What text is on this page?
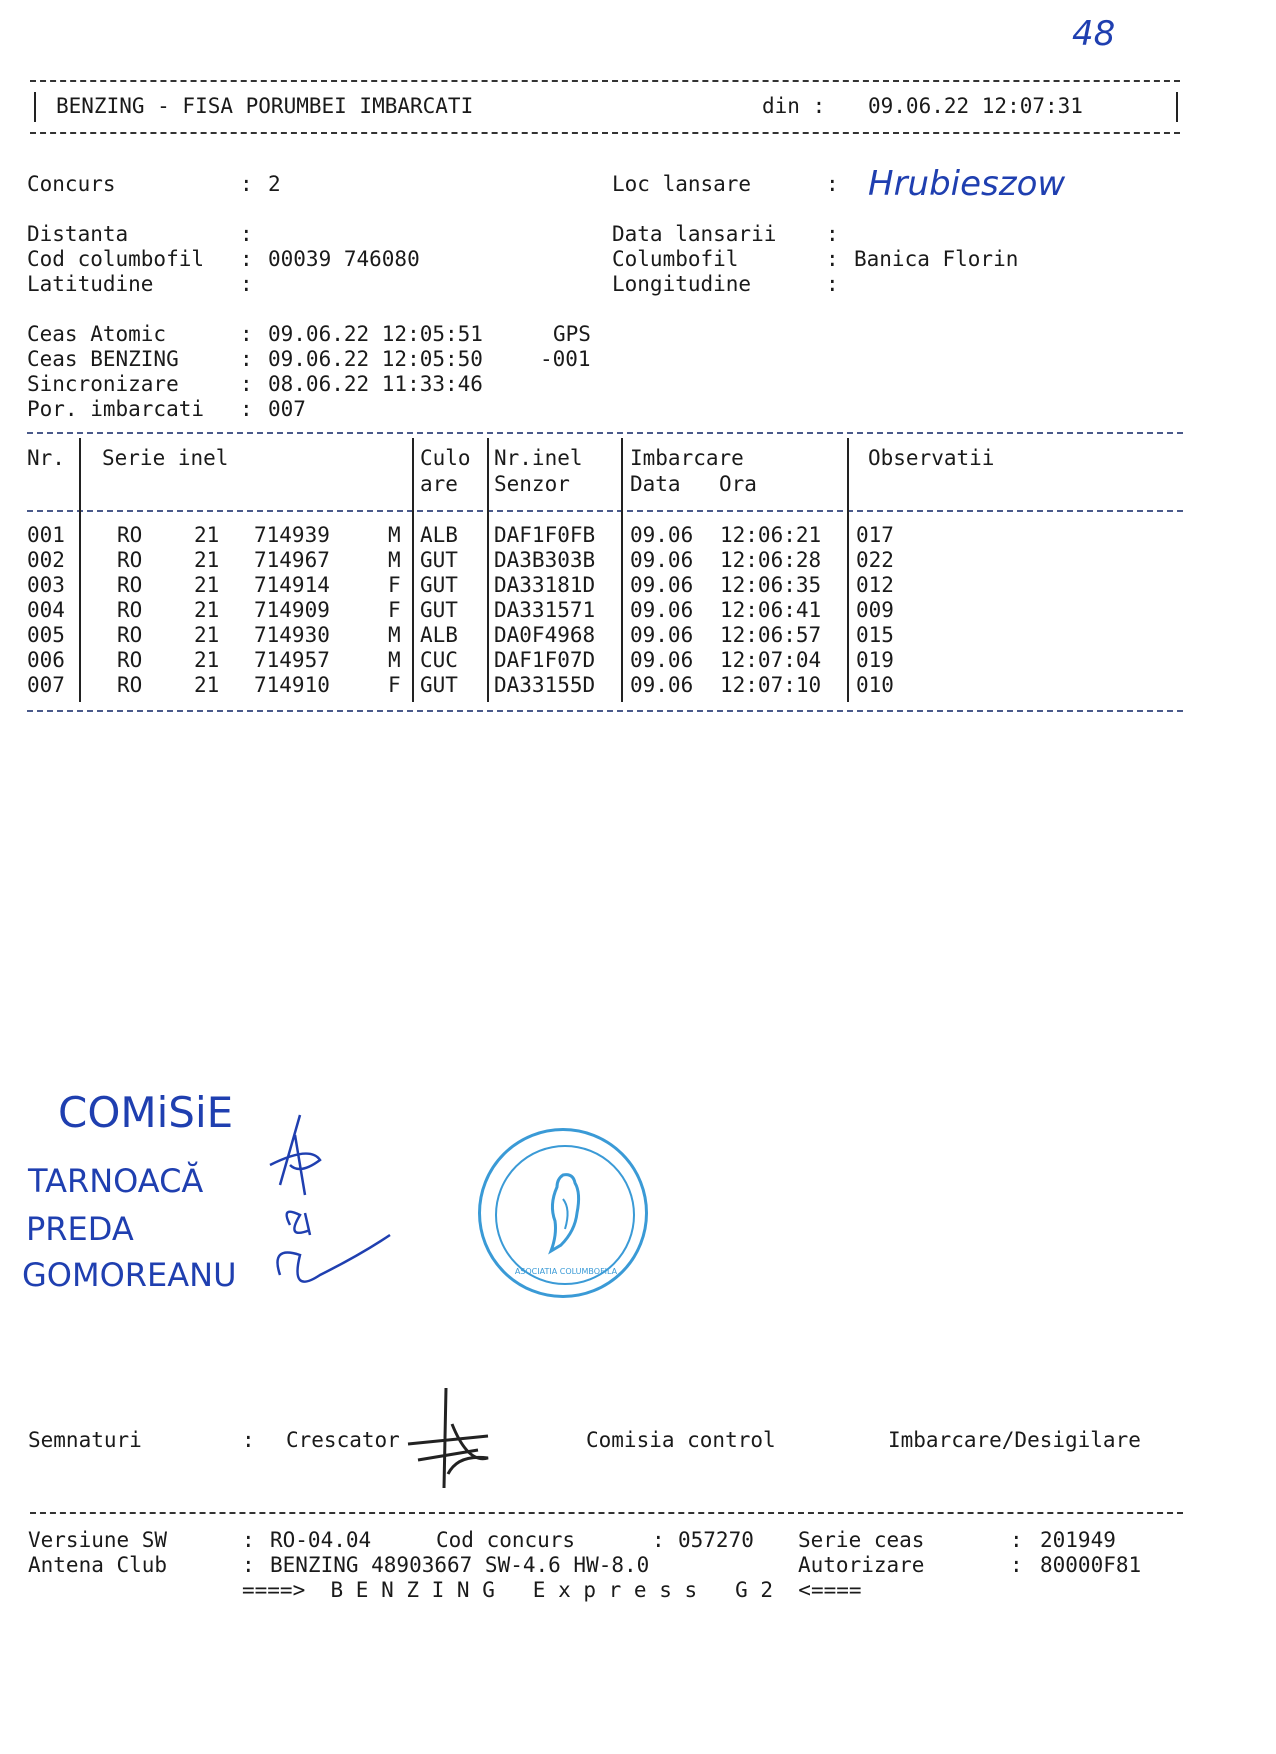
48
BENZING - FISA PORUMBEI IMBARCATI	din : 09.06.22 12:07:31
Concurs	: 2
Distanta	:
Cod columbofil : 00039 746080
Latitudine	:
Loc lansare	: Hrubieszow
Data lansarii :
Columbofil	: Banica Florin
Longitudine	:
Ceas Atomic	: 09.06.22 12:05:51	GPS
Ceas BENZING	: 09.06.22 12:05:50	-001
Sincronizare	: 08.06.22 11:33:46
Por. imbarcati : 007
Nr. Serie inel	Culo
are
Nr.inel
Senzor
Imbarcare
Data Ora
Observatii
001 RO 21 714939	M ALB DAF1F0FB 09.06 12:06:21 017
002 RO 21 714967	M GUT DA3B303B 09.06 12:06:28 022
003 RO 21 714914	F GUT DA33181D 09.06 12:06:35 012
004 RO 21 714909	F GUT DA331571 09.06 12:06:41 009
005 RO 21 714930	M ALB DA0F4968 09.06 12:06:57 015
006 RO 21 714957	M CUC DAF1F07D 09.06 12:07:04 019
007 RO 21 714910	F GUT DA33155D 09.06 12:07:10 010
COMiSiE
TARNOACĂ
PREDA
GOMOREANU	ASOCIATIA COLUMBOFILA
Semnaturi	: Crescator	Comisia control	Imbarcare/Desigilare
Versiune SW	: RO-04.04	Cod concurs	: 057270 Serie ceas	: 201949
Antena Club	: BENZING 48903667 SW-4.6 HW-8.0	Autorizare	: 80000F81
====>  B E N Z I N G   E x p r e s s   G 2  <====
